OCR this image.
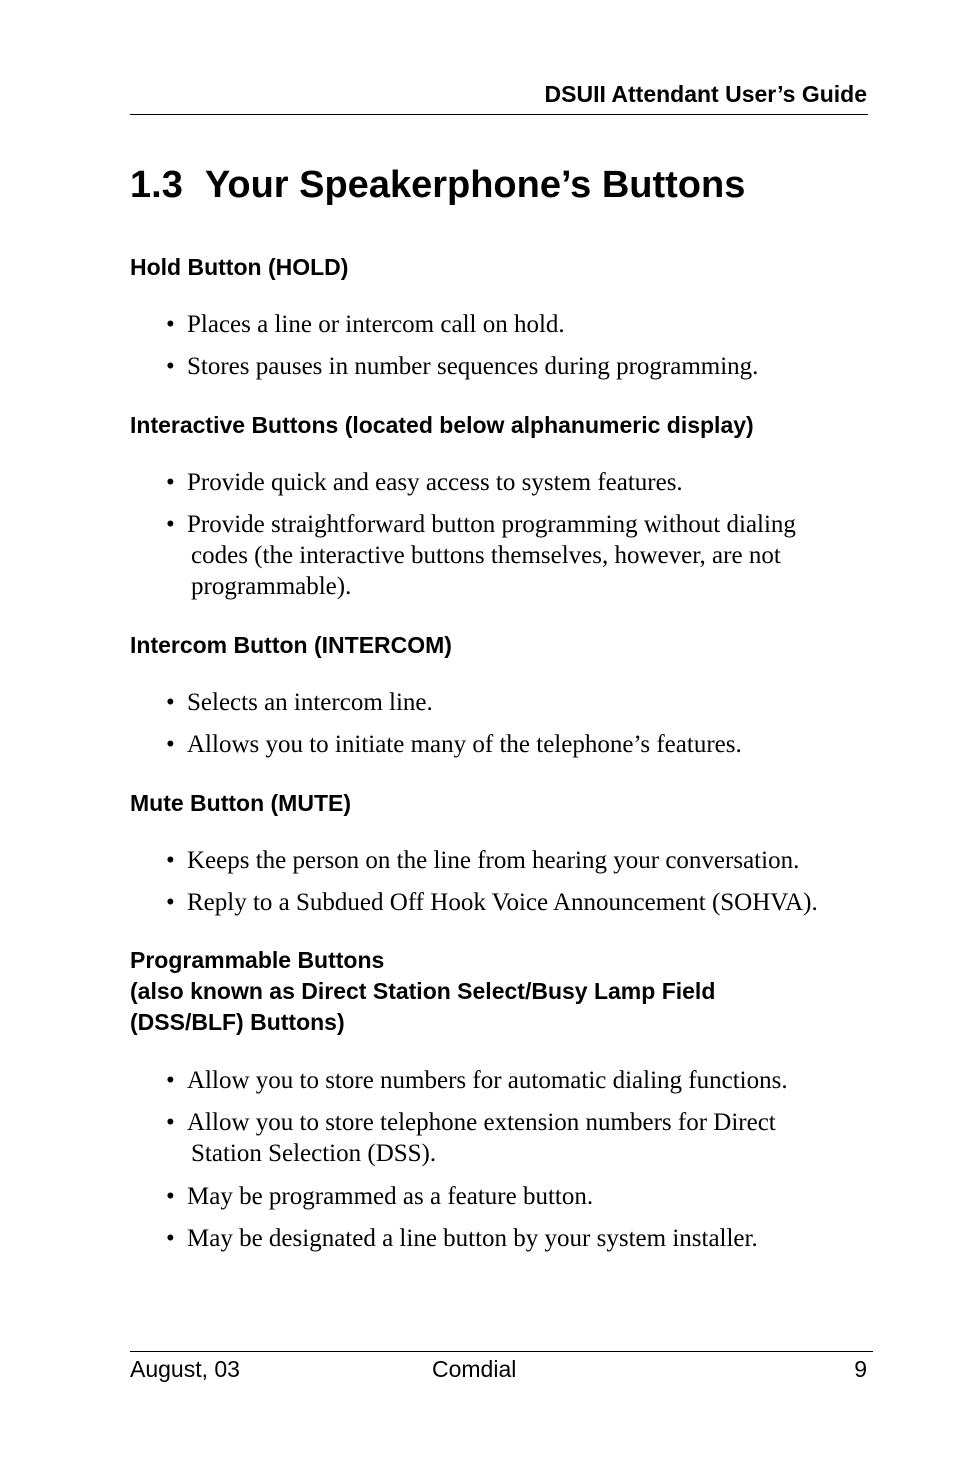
DSUII Attendant User’s Guide
1.3 Your Speakerphone’s Buttons
Hold Button (HOLD)
• Places a line or intercom call on hold.
• Stores pauses in number sequences during programming.
Interactive Buttons (located below alphanumeric display)
• Provide quick and easy access to system features.
• Provide straightforward button programming without dialing
codes (the interactive buttons themselves, however, are not
programmable).
Intercom Button (INTERCOM)
• Selects an intercom line.
• Allows you to initiate many of the telephone’s features.
Mute Button (MUTE)
• Keeps the person on the line from hearing your conversation.
• Reply to a Subdued Off Hook Voice Announcement (SOHVA).
Programmable Buttons
(also known as Direct Station Select/Busy Lamp Field
(DSS/BLF) Buttons)
• Allow you to store numbers for automatic dialing functions.
• Allow you to store telephone extension numbers for Direct
Station Selection (DSS).
• May be programmed as a feature button.
• May be designated a line button by your system installer.
August, 03	Comdial	9
